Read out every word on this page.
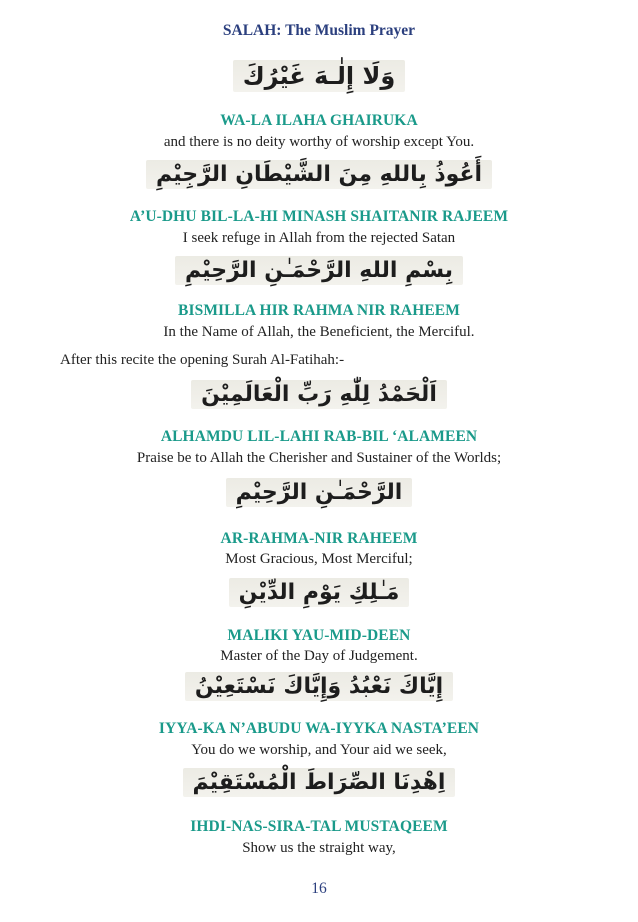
SALAH: The Muslim Prayer
وَلَا إِلٰـهَ غَيْرُكَ
WA-LA ILAHA GHAIRUKA
and there is no deity worthy of worship except You.
أَعُوذُ بِاللهِ مِنَ الشَّيْطَانِ الرَّجِيْمِ
A’U-DHU BIL-LA-HI MINASH SHAITANIR RAJEEM
I seek refuge in Allah from the rejected Satan
بِسْمِ اللهِ الرَّحْمَـٰنِ الرَّحِيْمِ
BISMILLA HIR RAHMA NIR RAHEEM
In the Name of Allah, the Beneficient, the Merciful.
After this recite the opening Surah Al-Fatihah:-
اَلْحَمْدُ لِلّٰهِ رَبِّ الْعَالَمِيْنَ
ALHAMDU LIL-LAHI RAB-BIL ‘ALAMEEN
Praise be to Allah the Cherisher and Sustainer of the Worlds;
الرَّحْمَـٰنِ الرَّحِيْمِ
AR-RAHMA-NIR RAHEEM
Most Gracious, Most Merciful;
مَـٰلِكِ يَوْمِ الدِّيْنِ
MALIKI YAU-MID-DEEN
Master of the Day of Judgement.
إِيَّاكَ نَعْبُدُ وَإِيَّاكَ نَسْتَعِيْنُ
IYYA-KA N’ABUDU WA-IYYKA NASTA’EEN
You do we worship, and Your aid we seek,
اِهْدِنَا الصِّرَاطَ الْمُسْتَقِيْمَ
IHDI-NAS-SIRA-TAL MUSTAQEEM
Show us the straight way,
16
